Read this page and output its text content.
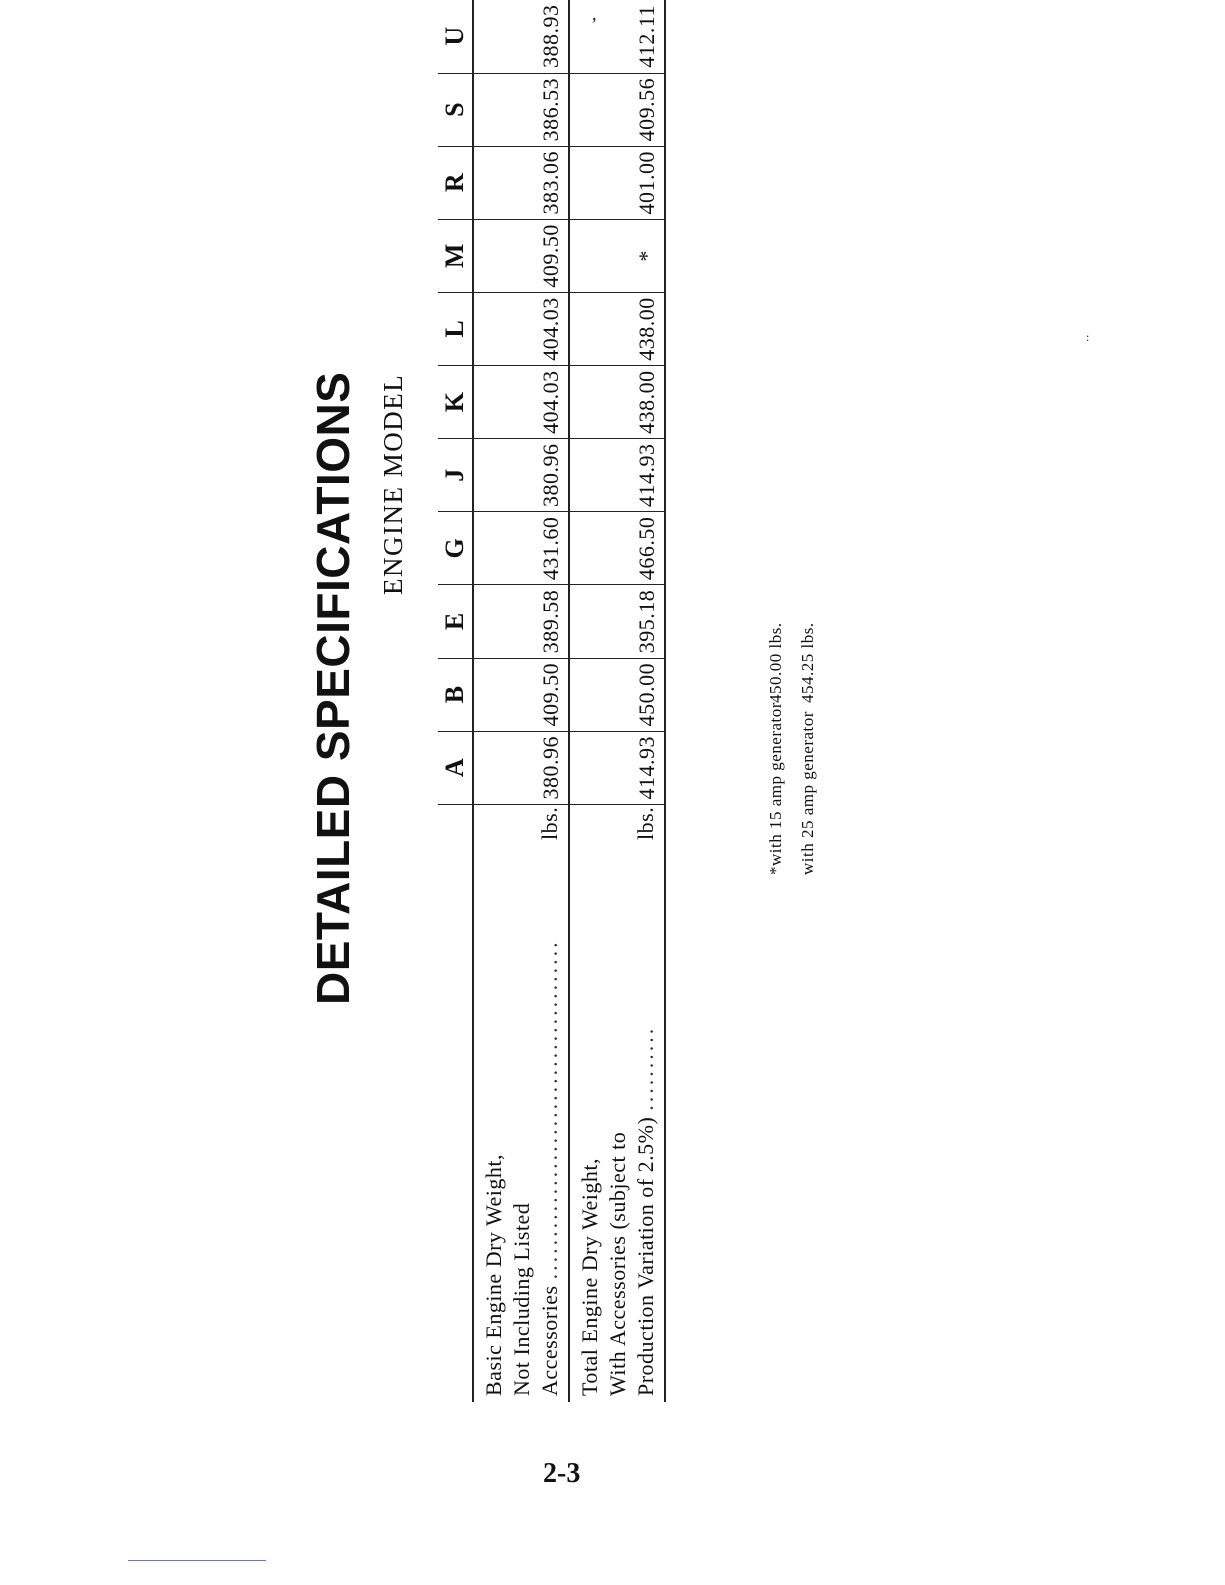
DETAILED SPECIFICATIONS ENGINE MODEL
	A	B	E	G	J	K	L	M	R	S	U

Basic Engine Dry Weight, Not Including Listed Accessories
........................................
lbs.	380.96	409.50	389.58	431.60	380.96	404.03	404.03	409.50	383.06	386.53	388.93

Total Engine Dry Weight, With Accessories (subject to Production Variation of 2.5%)
..........
lbs.	414.93	450.00	395.18	466.50	414.93	438.00	438.00	*	401.00	409.56	412.11
*with 15 amp generator
450.00 lbs.
with 25 amp generator
454.25 lbs.
2-3
,
:
